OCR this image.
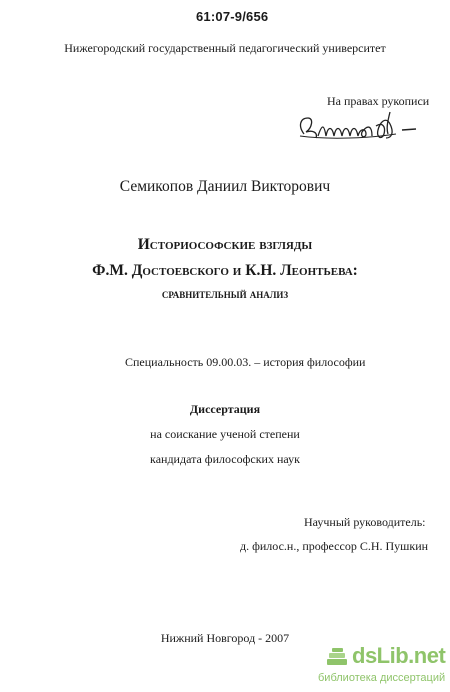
61:07-9/656
Нижегородский государственный педагогический университет
На правах рукописи
Семикопов Даниил Викторович
Историософские взгляды
Ф.М. Достоевского и К.Н. Леонтьева:
сравнительный анализ
Специальность 09.00.03. – история философии
Диссертация
на соискание ученой степени
кандидата философских наук
Научный руководитель:
д. филос.н., профессор С.Н. Пушкин
Нижний Новгород - 2007
dsLib.net
библиотека диссертаций
